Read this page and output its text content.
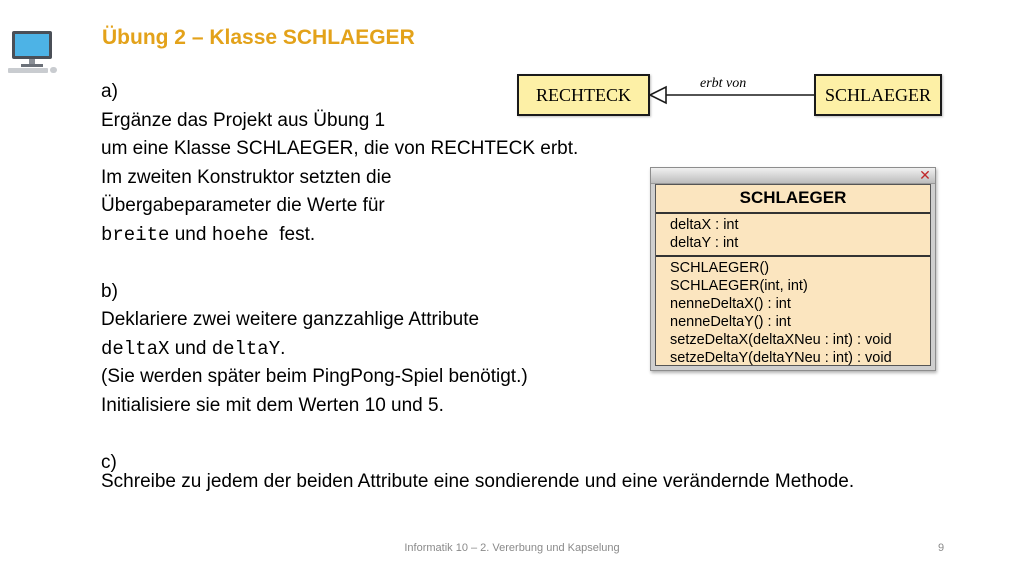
Übung 2 – Klasse SCHLAEGER
a)
Ergänze das Projekt aus Übung 1
um eine Klasse SCHLAEGER, die von RECHTECK erbt.
Im zweiten Konstruktor setzten die
Übergabeparameter die Werte für
breite und hoehe  fest.
b)
Deklariere zwei weitere ganzzahlige Attribute
deltaX und deltaY.
(Sie werden später beim PingPong-Spiel benötigt.)
Initialisiere sie mit dem Werten 10 und 5.
c)
Schreibe zu jedem der beiden Attribute eine sondierende und eine verändernde Methode.
RECHTECK
erbt von
SCHLAEGER
✕
SCHLAEGER
deltaX : int
deltaY : int
SCHLAEGER()
SCHLAEGER(int, int)
nenneDeltaX() : int
nenneDeltaY() : int
setzeDeltaX(deltaXNeu : int) : void
setzeDeltaY(deltaYNeu : int) : void
Informatik 10 – 2. Vererbung und Kapselung	9
